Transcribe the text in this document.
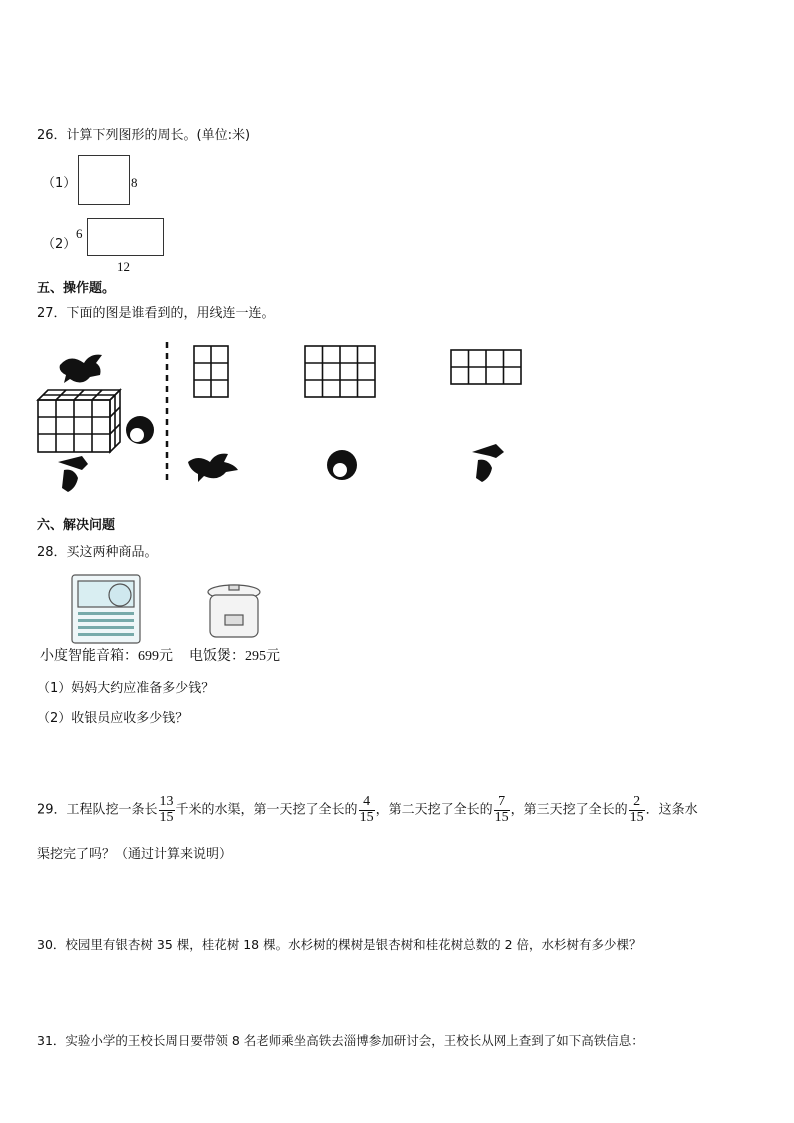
26．计算下列图形的周长。(单位:米)
（1）	8
（2）
6
12
五、操作题。
27．下面的图是谁看到的，用线连一连。
六、解决问题
28．买这两种商品。
小度智能音箱：699元 电饭煲：295元
（1）妈妈大约应准备多少钱？
（2）收银员应收多少钱？
29．工程队挖一条长 $\frac{13}{15}$ 千米的水渠，第一天挖了全长的 $\frac{4}{15}$ ，第二天挖了全长的 $\frac{7}{15}$ ，第三天挖了全长的 $\frac{2}{15}$ ．这条水
渠挖完了吗？（通过计算来说明）
30．校园里有银杏树 35 棵，桂花树 18 棵。水杉树的棵树是银杏树和桂花树总数的 2 倍，水杉树有多少棵？
31．实验小学的王校长周日要带领 8 名老师乘坐高铁去淄博参加研讨会，王校长从网上查到了如下高铁信息：
